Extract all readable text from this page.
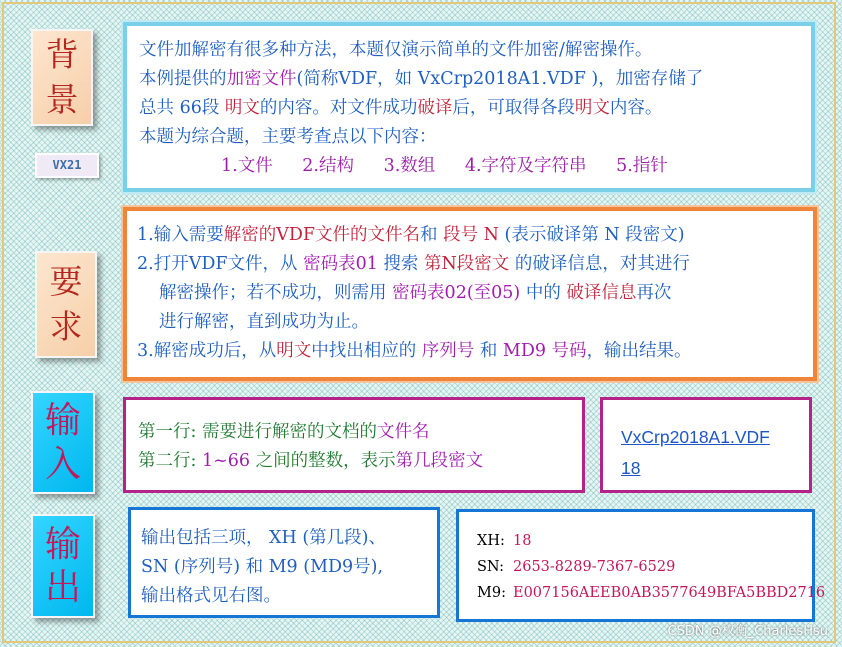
背
景
VX21
要
求
输
入
输
出
文件加解密有很多种方法，本题仅演示简单的文件加密/解密操作。
本例提供的加密文件(简称VDF，如 VxCrp2018A1.VDF )，加密存储了
总共 66段 明文的内容。对文件成功破译后，可取得各段明文内容。
本题为综合题，主要考查点以下内容：
1.文件 2.结构 3.数组 4.字符及字符串 5.指针
1.输入需要解密的VDF文件的文件名和 段号 N (表示破译第 N 段密文)
2.打开VDF文件，从 密码表01 搜索 第N段密文 的破译信息，对其进行
解密操作；若不成功，则需用 密码表02(至05) 中的 破译信息再次
进行解密，直到成功为止。
3.解密成功后，从明文中找出相应的 序列号 和 MD9 号码，输出结果。
第一行: 需要进行解密的文档的文件名
第二行: 1~66 之间的整数，表示第几段密文
VxCrp2018A1.VDF
18
输出包括三项， XH (第几段)、
SN (序列号) 和 M9 (MD9号),
输出格式见右图。
XH: 18
SN: 2653-8289-7367-6529
M9: E007156AEEB0AB3577649BFA5BBD2716
CSDN @权衡_CharlesHsu
